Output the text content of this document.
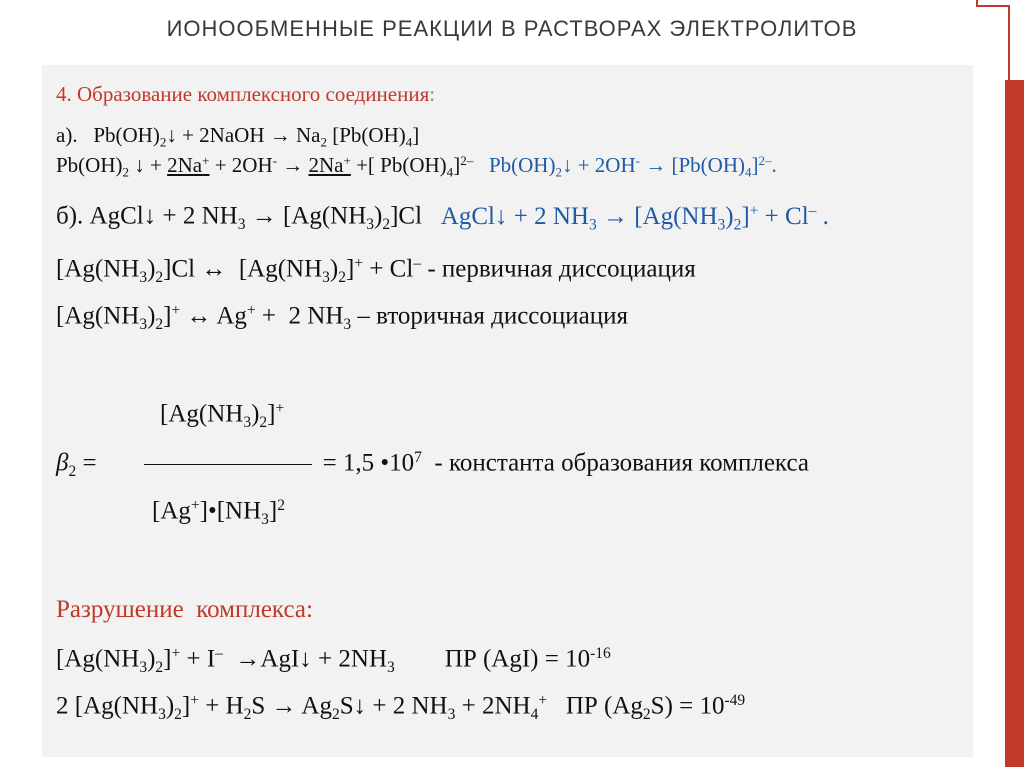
ИОНООБМЕННЫЕ РЕАКЦИИ В РАСТВОРАХ ЭЛЕКТРОЛИТОВ
4. Образование комплексного соединения:
а).   $Pb(OH)_2↓$ + 2NaOH → $Na_2$ $[Pb(OH)_4]$
$Pb(OH)_2$ ↓ + 2Na+ + 2OH- → 2Na+ +[ $Pb(OH)_4]^{2-}$ $Pb(OH)_2↓ + 2OH^- \to [Pb(OH)_4]^{2-}$.
б). AgCl↓ + 2 $NH_3 \to [Ag(NH_3)_2]Cl$   AgCl↓ + 2 $NH_3 \to [Ag(NH_3)_2]^+ + Cl^-$ .
$[Ag(NH_3)_2]Cl$ ↔  $[Ag(NH_3)_2]^+ + Cl^-$ - первичная диссоциация
$[Ag(NH_3)_2]^+$ ↔ Ag+ +  2 $NH_3$ – вторичная диссоциация
$[Ag(NH_3)_2]^+$
$\beta_2$ =	= 1,5 $•10^7$  - константа образования комплекса
$[Ag^+]•[NH_3]^2$
Разрушение  комплекса:
$[Ag(NH_3)_2]^+ + I^-$  →AgI↓ + $2NH_3$        ПР $(AgI) = 10^{-16}$
2 $[Ag(NH_3)_2]^+ + H_2S$ → $Ag_2S↓ + 2$ $NH_3 + 2NH_4^+$   ПР $(Ag_2S) = 10^{-49}$
